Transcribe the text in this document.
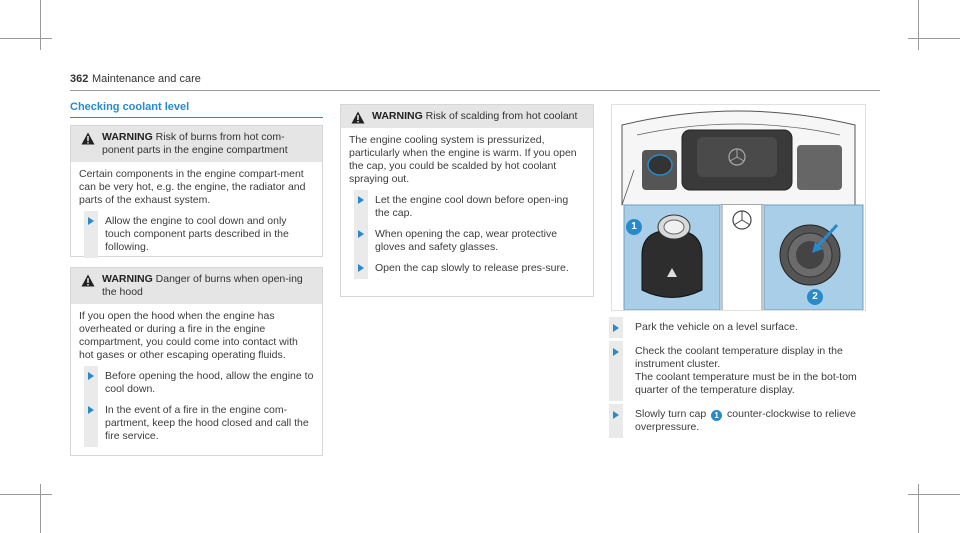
362 Maintenance and care
Checking coolant level
WARNING Risk of burns from hot com-ponent parts in the engine compartment

Certain components in the engine compart-ment can be very hot, e.g. the engine, the radiator and parts of the exhaust system.

Allow the engine to cool down and only touch component parts described in the following.
WARNING Danger of burns when open-ing the hood

If you open the hood when the engine has overheated or during a fire in the engine compartment, you could come into contact with hot gases or other escaping operating fluids.

Before opening the hood, allow the engine to cool down.
In the event of a fire in the engine com-partment, keep the hood closed and call the fire service.
WARNING Risk of scalding from hot coolant

The engine cooling system is pressurized, particularly when the engine is warm. If you open the cap, you could be scalded by hot coolant spraying out.

Let the engine cool down before open-ing the cap.
When opening the cap, wear protective gloves and safety glasses.
Open the cap slowly to release pres-sure.
1
2
Park the vehicle on a level surface.
Check the coolant temperature display in the instrument cluster.
The coolant temperature must be in the bot-tom quarter of the temperature display.
Slowly turn cap 1 counter-clockwise to relieve overpressure.
